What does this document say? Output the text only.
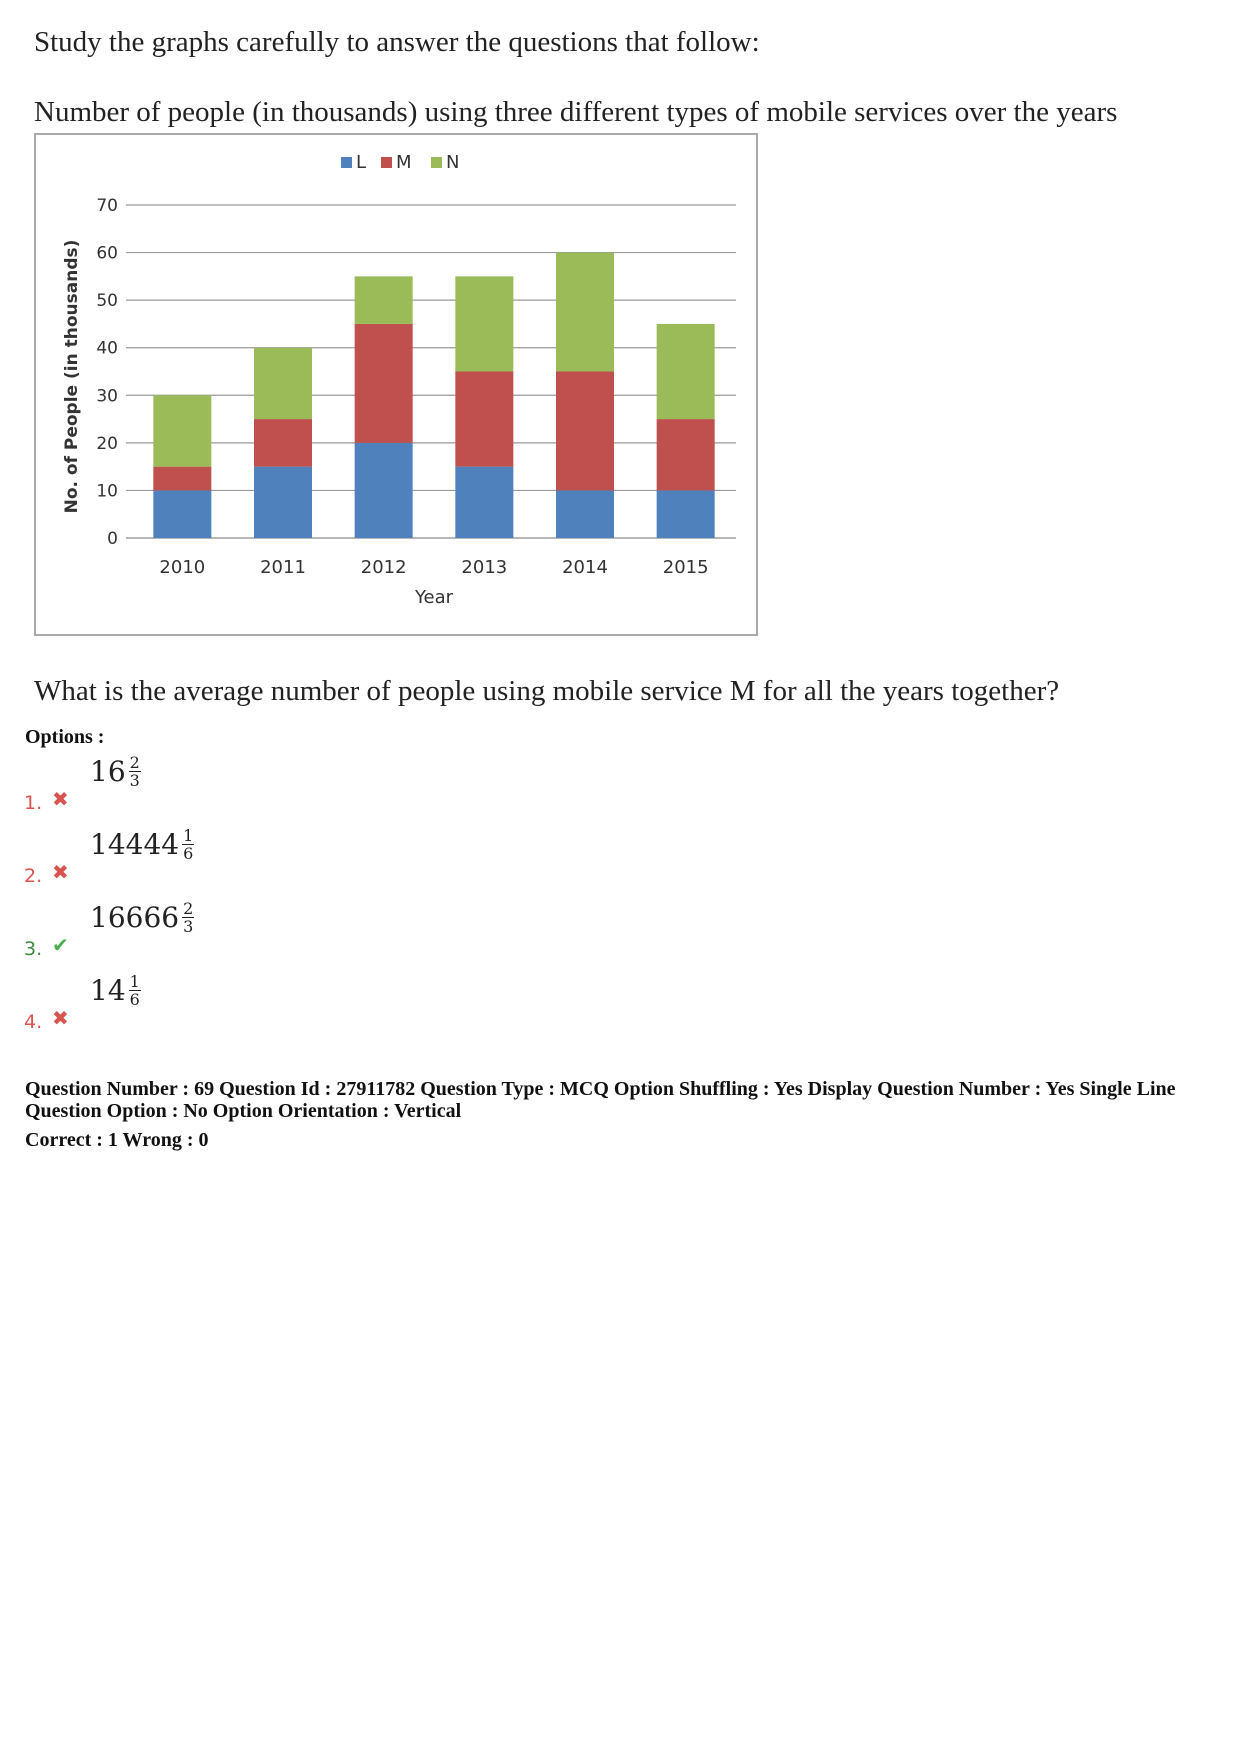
Study the graphs carefully to answer the questions that follow:
Number of people (in thousands) using three different types of mobile services over the years
0
10
20
30
40
50
60
70
2010	2011	2012	2013	2014	2015
Year
No. of People (in thousands)
L M N
What is the average number of people using mobile service M for all the years together?
Options :
1. ✖
$16 \frac{2}{3}$
2. ✖
$14444 \frac{1}{6}$
3. ✔
$16666 \frac{2}{3}$
4. ✖
$14 \frac{1}{6}$
Question Number : 69 Question Id : 27911782 Question Type : MCQ Option Shuffling : Yes Display Question Number : Yes Single Line Question Option : No Option Orientation : Vertical
Correct : 1 Wrong : 0
